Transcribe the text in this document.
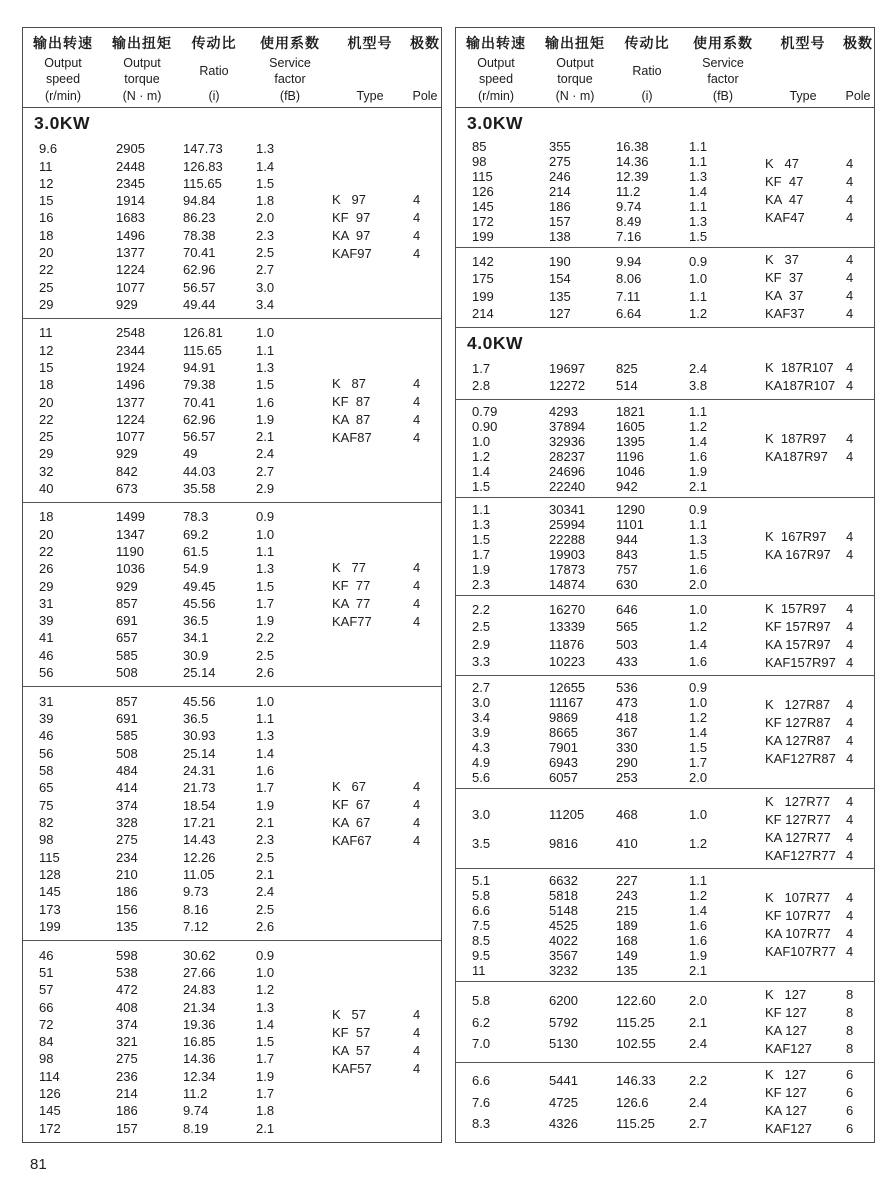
输出转速
Output
speed
(r/min)
输出扭矩
Output
torque
(N · m)
传动比
Ratio
(i)
使用系数
Service
factor
(fB)
机型号
Type
极数
Pole
3.0KW
9.6	2905	147.73	1.3
11	2448	126.83	1.4
12	2345	115.65	1.5
15	1914	94.84	1.8
16	1683	86.23	2.0
18	1496	78.38	2.3
20	1377	70.41	2.5
22	1224	62.96	2.7
25	1077	56.57	3.0
29	929	49.44	3.4
K   97	4
KF  97	4
KA  97	4
KAF97	4
11	2548	126.81	1.0
12	2344	115.65	1.1
15	1924	94.91	1.3
18	1496	79.38	1.5
20	1377	70.41	1.6
22	1224	62.96	1.9
25	1077	56.57	2.1
29	929	49	2.4
32	842	44.03	2.7
40	673	35.58	2.9
K   87	4
KF  87	4
KA  87	4
KAF87	4
18	1499	78.3	0.9
20	1347	69.2	1.0
22	1190	61.5	1.1
26	1036	54.9	1.3
29	929	49.45	1.5
31	857	45.56	1.7
39	691	36.5	1.9
41	657	34.1	2.2
46	585	30.9	2.5
56	508	25.14	2.6
K   77	4
KF  77	4
KA  77	4
KAF77	4
31	857	45.56	1.0
39	691	36.5	1.1
46	585	30.93	1.3
56	508	25.14	1.4
58	484	24.31	1.6
65	414	21.73	1.7
75	374	18.54	1.9
82	328	17.21	2.1
98	275	14.43	2.3
115	234	12.26	2.5
128	210	11.05	2.1
145	186	9.73	2.4
173	156	8.16	2.5
199	135	7.12	2.6
K   67	4
KF  67	4
KA  67	4
KAF67	4
46	598	30.62	0.9
51	538	27.66	1.0
57	472	24.83	1.2
66	408	21.34	1.3
72	374	19.36	1.4
84	321	16.85	1.5
98	275	14.36	1.7
114	236	12.34	1.9
126	214	11.2	1.7
145	186	9.74	1.8
172	157	8.19	2.1
K   57	4
KF  57	4
KA  57	4
KAF57	4
输出转速
Output
speed
(r/min)
输出扭矩
Output
torque
(N · m)
传动比
Ratio
(i)
使用系数
Service
factor
(fB)
机型号
Type
极数
Pole
3.0KW
85	355	16.38	1.1
98	275	14.36	1.1
115	246	12.39	1.3
126	214	11.2	1.4
145	186	9.74	1.1
172	157	8.49	1.3
199	138	7.16	1.5
K   47	4
KF  47	4
KA  47	4
KAF47	4
142	190	9.94	0.9
175	154	8.06	1.0
199	135	7.11	1.1
214	127	6.64	1.2
K   37	4
KF  37	4
KA  37	4
KAF37	4
4.0KW
1.7	19697	825	2.4
2.8	12272	514	3.8
K  187R107 4
KA187R107 4
0.79	4293	1821	1.1
0.90	37894	1605	1.2
1.0	32936	1395	1.4
1.2	28237	1196	1.6
1.4	24696	1046	1.9
1.5	22240	942	2.1
K  187R97	4
KA187R97	4
1.1	30341	1290	0.9
1.3	25994	1101	1.1
1.5	22288	944	1.3
1.7	19903	843	1.5
1.9	17873	757	1.6
2.3	14874	630	2.0
K  167R97	4
KA 167R97	4
2.2	16270	646	1.0
2.5	13339	565	1.2
2.9	11876	503	1.4
3.3	10223	433	1.6
K  157R97	4
KF 157R97	4
KA 157R97	4
KAF157R97 4
2.7	12655	536	0.9
3.0	11167	473	1.0
3.4	9869	418	1.2
3.9	8665	367	1.4
4.3	7901	330	1.5
4.9	6943	290	1.7
5.6	6057	253	2.0
K   127R87	4
KF 127R87	4
KA 127R87	4
KAF127R87 4
3.0	11205	468	1.0
3.5	9816	410	1.2
K   127R77	4
KF 127R77	4
KA 127R77	4
KAF127R77 4
5.1	6632	227	1.1
5.8	5818	243	1.2
6.6	5148	215	1.4
7.5	4525	189	1.6
8.5	4022	168	1.6
9.5	3567	149	1.9
11	3232	135	2.1
K   107R77	4
KF 107R77	4
KA 107R77	4
KAF107R77 4
5.8	6200	122.60	2.0
6.2	5792	115.25	2.1
7.0	5130	102.55	2.4
K   127	8
KF 127	8
KA 127	8
KAF127	8
6.6	5441	146.33	2.2
7.6	4725	126.6	2.4
8.3	4326	115.25	2.7
K   127	6
KF 127	6
KA 127	6
KAF127	6
81
